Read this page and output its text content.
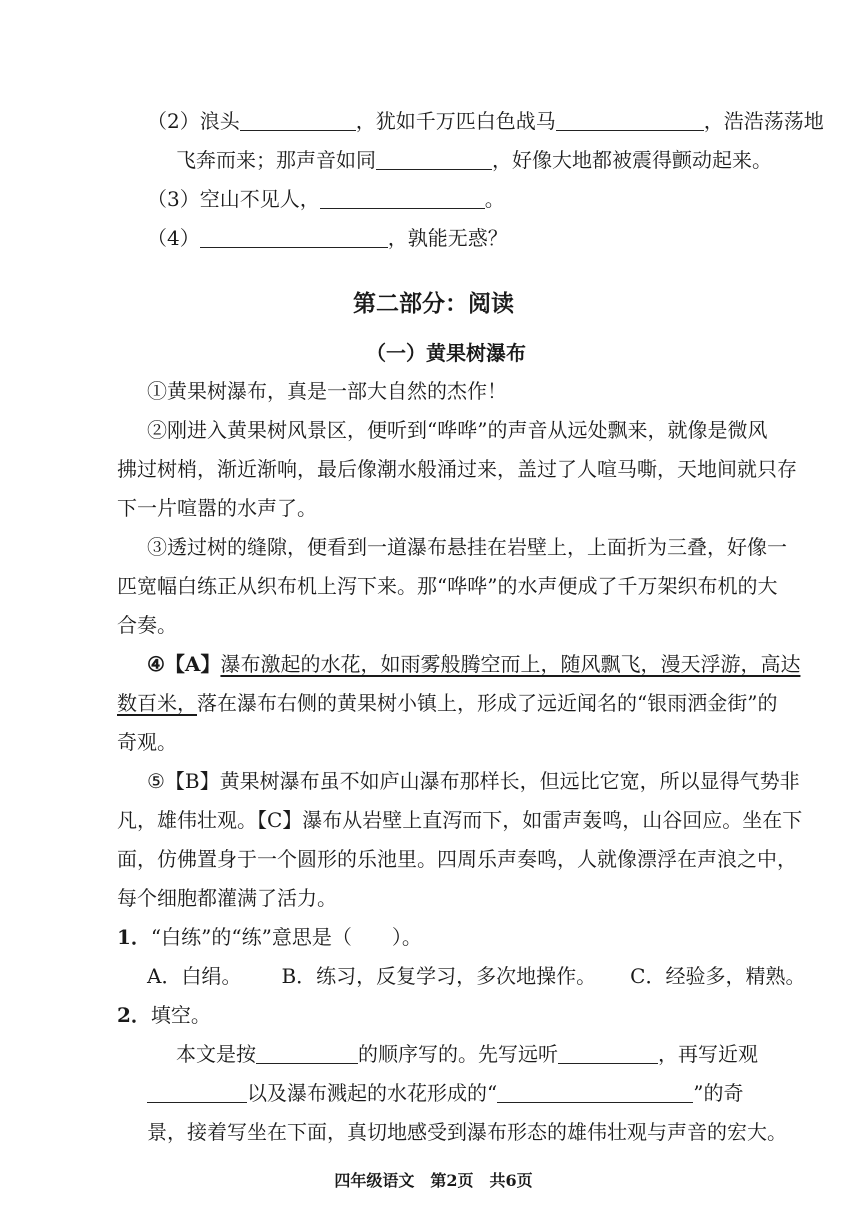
（2）浪头	，犹如千万匹白色战马	，浩浩荡荡地
飞奔而来；那声音如同	，好像大地都被震得颤动起来。
（3）空山不见人，	。
（4）	，孰能无惑？
第二部分：阅读
（一）黄果树瀑布
①黄果树瀑布，真是一部大自然的杰作！
②刚进入黄果树风景区，便听到“哗哗”的声音从远处飘来，就像是微风
拂过树梢，渐近渐响，最后像潮水般涌过来，盖过了人喧马嘶，天地间就只存
下一片喧嚣的水声了。
③透过树的缝隙，便看到一道瀑布悬挂在岩壁上，上面折为三叠，好像一
匹宽幅白练正从织布机上泻下来。那“哗哗”的水声便成了千万架织布机的大
合奏。
④【A】瀑布激起的水花，如雨雾般腾空而上，随风飘飞，漫天浮游，高达
数百米，落在瀑布右侧的黄果树小镇上，形成了远近闻名的“银雨洒金街”的
奇观。
⑤【B】黄果树瀑布虽不如庐山瀑布那样长，但远比它宽，所以显得气势非
凡，雄伟壮观。【C】瀑布从岩壁上直泻而下，如雷声轰鸣，山谷回应。坐在下
面，仿佛置身于一个圆形的乐池里。四周乐声奏鸣，人就像漂浮在声浪之中，
每个细胞都灌满了活力。
1．“白练”的“练”意思是（　　）。
A．白绢。 B．练习，反复学习，多次地操作。 C．经验多，精熟。
2．填空。
本文是按	的顺序写的。先写远听	，再写近观
以及瀑布溅起的水花形成的“	”的奇
景，接着写坐在下面，真切地感受到瀑布形态的雄伟壮观与声音的宏大。
四年级语文　第2页　共6页
